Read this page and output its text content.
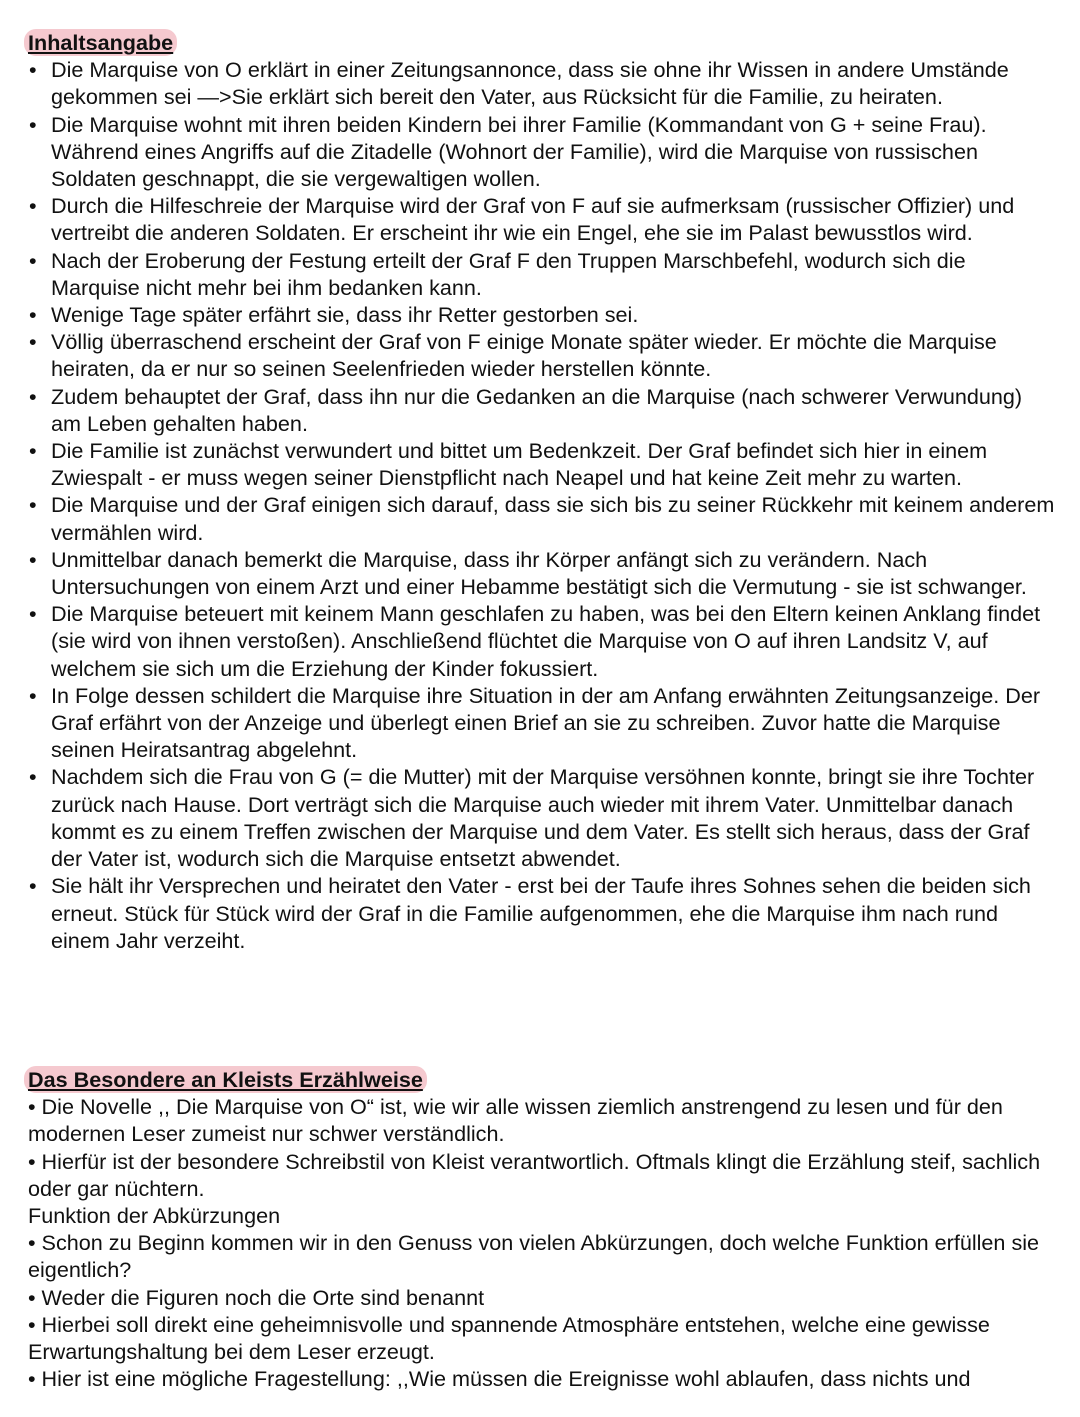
Inhaltsangabe
• Die Marquise von O erklärt in einer Zeitungsannonce, dass sie ohne ihr Wissen in andere Umstände gekommen sei —>Sie erklärt sich bereit den Vater, aus Rücksicht für die Familie, zu heiraten.
• Die Marquise wohnt mit ihren beiden Kindern bei ihrer Familie (Kommandant von G + seine Frau). Während eines Angriffs auf die Zitadelle (Wohnort der Familie), wird die Marquise von russischen Soldaten geschnappt, die sie vergewaltigen wollen.
• Durch die Hilfeschreie der Marquise wird der Graf von F auf sie aufmerksam (russischer Offizier) und vertreibt die anderen Soldaten. Er erscheint ihr wie ein Engel, ehe sie im Palast bewusstlos wird.
• Nach der Eroberung der Festung erteilt der Graf F den Truppen Marschbefehl, wodurch sich die Marquise nicht mehr bei ihm bedanken kann.
• Wenige Tage später erfährt sie, dass ihr Retter gestorben sei.
• Völlig überraschend erscheint der Graf von F einige Monate später wieder. Er möchte die Marquise heiraten, da er nur so seinen Seelenfrieden wieder herstellen könnte.
• Zudem behauptet der Graf, dass ihn nur die Gedanken an die Marquise (nach schwerer Verwundung) am Leben gehalten haben.
• Die Familie ist zunächst verwundert und bittet um Bedenkzeit. Der Graf befindet sich hier in einem Zwiespalt - er muss wegen seiner Dienstpflicht nach Neapel und hat keine Zeit mehr zu warten.
• Die Marquise und der Graf einigen sich darauf, dass sie sich bis zu seiner Rückkehr mit keinem anderem vermählen wird.
• Unmittelbar danach bemerkt die Marquise, dass ihr Körper anfängt sich zu verändern. Nach Untersuchungen von einem Arzt und einer Hebamme bestätigt sich die Vermutung - sie ist schwanger.
• Die Marquise beteuert mit keinem Mann geschlafen zu haben, was bei den Eltern keinen Anklang findet (sie wird von ihnen verstoßen). Anschließend flüchtet die Marquise von O auf ihren Landsitz V, auf welchem sie sich um die Erziehung der Kinder fokussiert.
• In Folge dessen schildert die Marquise ihre Situation in der am Anfang erwähnten Zeitungsanzeige. Der Graf erfährt von der Anzeige und überlegt einen Brief an sie zu schreiben. Zuvor hatte die Marquise seinen Heiratsantrag abgelehnt.
• Nachdem sich die Frau von G (= die Mutter) mit der Marquise versöhnen konnte, bringt sie ihre Tochter zurück nach Hause. Dort verträgt sich die Marquise auch wieder mit ihrem Vater. Unmittelbar danach kommt es zu einem Treffen zwischen der Marquise und dem Vater. Es stellt sich heraus, dass der Graf der Vater ist, wodurch sich die Marquise entsetzt abwendet.
• Sie hält ihr Versprechen und heiratet den Vater - erst bei der Taufe ihres Sohnes sehen die beiden sich erneut. Stück für Stück wird der Graf in die Familie aufgenommen, ehe die Marquise ihm nach rund einem Jahr verzeiht.
Das Besondere an Kleists Erzählweise

• Die Novelle ,, Die Marquise von O“ ist, wie wir alle wissen ziemlich anstrengend zu lesen und für den modernen Leser zumeist nur schwer verständlich.

• Hierfür ist der besondere Schreibstil von Kleist verantwortlich. Oftmals klingt die Erzählung steif, sachlich oder gar nüchtern.

Funktion der Abkürzungen

• Schon zu Beginn kommen wir in den Genuss von vielen Abkürzungen, doch welche Funktion erfüllen sie eigentlich?

• Weder die Figuren noch die Orte sind benannt

• Hierbei soll direkt eine geheimnisvolle und spannende Atmosphäre entstehen, welche eine gewisse Erwartungshaltung bei dem Leser erzeugt.

• Hier ist eine mögliche Fragestellung: ,,Wie müssen die Ereignisse wohl ablaufen, dass nichts und
